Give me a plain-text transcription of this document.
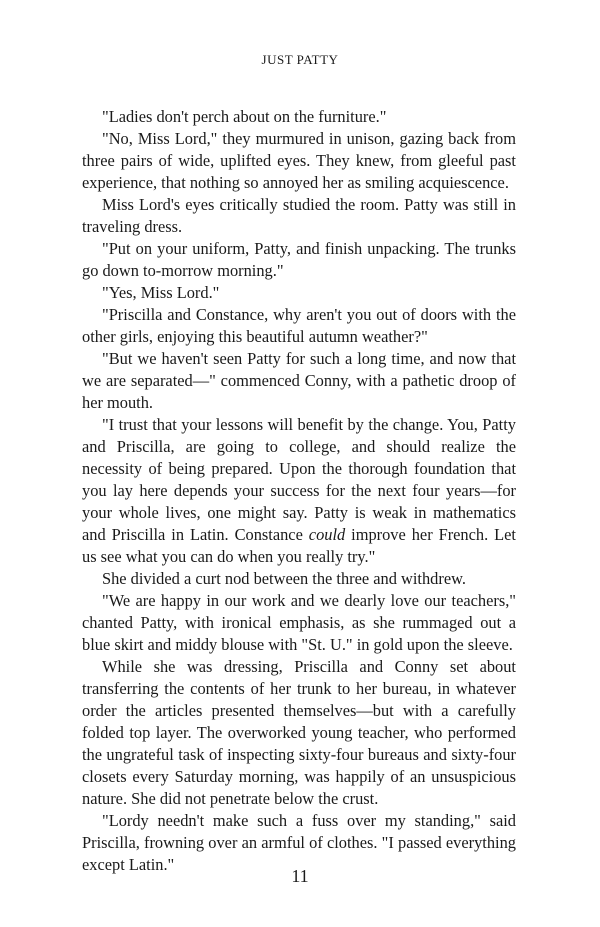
JUST PATTY

"Ladies don't perch about on the furniture."

"No, Miss Lord," they murmured in unison, gazing back from three pairs of wide, uplifted eyes. They knew, from gleeful past experience, that nothing so annoyed her as smiling acquiescence.

Miss Lord's eyes critically studied the room. Patty was still in traveling dress.

"Put on your uniform, Patty, and finish unpacking. The trunks go down to-morrow morning."

"Yes, Miss Lord."

"Priscilla and Constance, why aren't you out of doors with the other girls, enjoying this beautiful autumn weather?"

"But we haven't seen Patty for such a long time, and now that we are separated—" commenced Conny, with a pathetic droop of her mouth.

"I trust that your lessons will benefit by the change. You, Patty and Priscilla, are going to college, and should realize the necessity of being prepared. Upon the thorough foundation that you lay here depends your success for the next four years—for your whole lives, one might say. Patty is weak in mathematics and Priscilla in Latin. Constance could improve her French. Let us see what you can do when you really try."

She divided a curt nod between the three and withdrew.

"We are happy in our work and we dearly love our teachers," chanted Patty, with ironical emphasis, as she rummaged out a blue skirt and middy blouse with "St. U." in gold upon the sleeve.

While she was dressing, Priscilla and Conny set about transferring the contents of her trunk to her bureau, in whatever order the articles presented themselves—but with a carefully folded top layer. The overworked young teacher, who performed the ungrateful task of inspecting sixty-four bureaus and sixty-four closets every Saturday morning, was happily of an unsuspicious nature. She did not penetrate below the crust.

"Lordy needn't make such a fuss over my standing," said Priscilla, frowning over an armful of clothes. "I passed everything except Latin."

11
